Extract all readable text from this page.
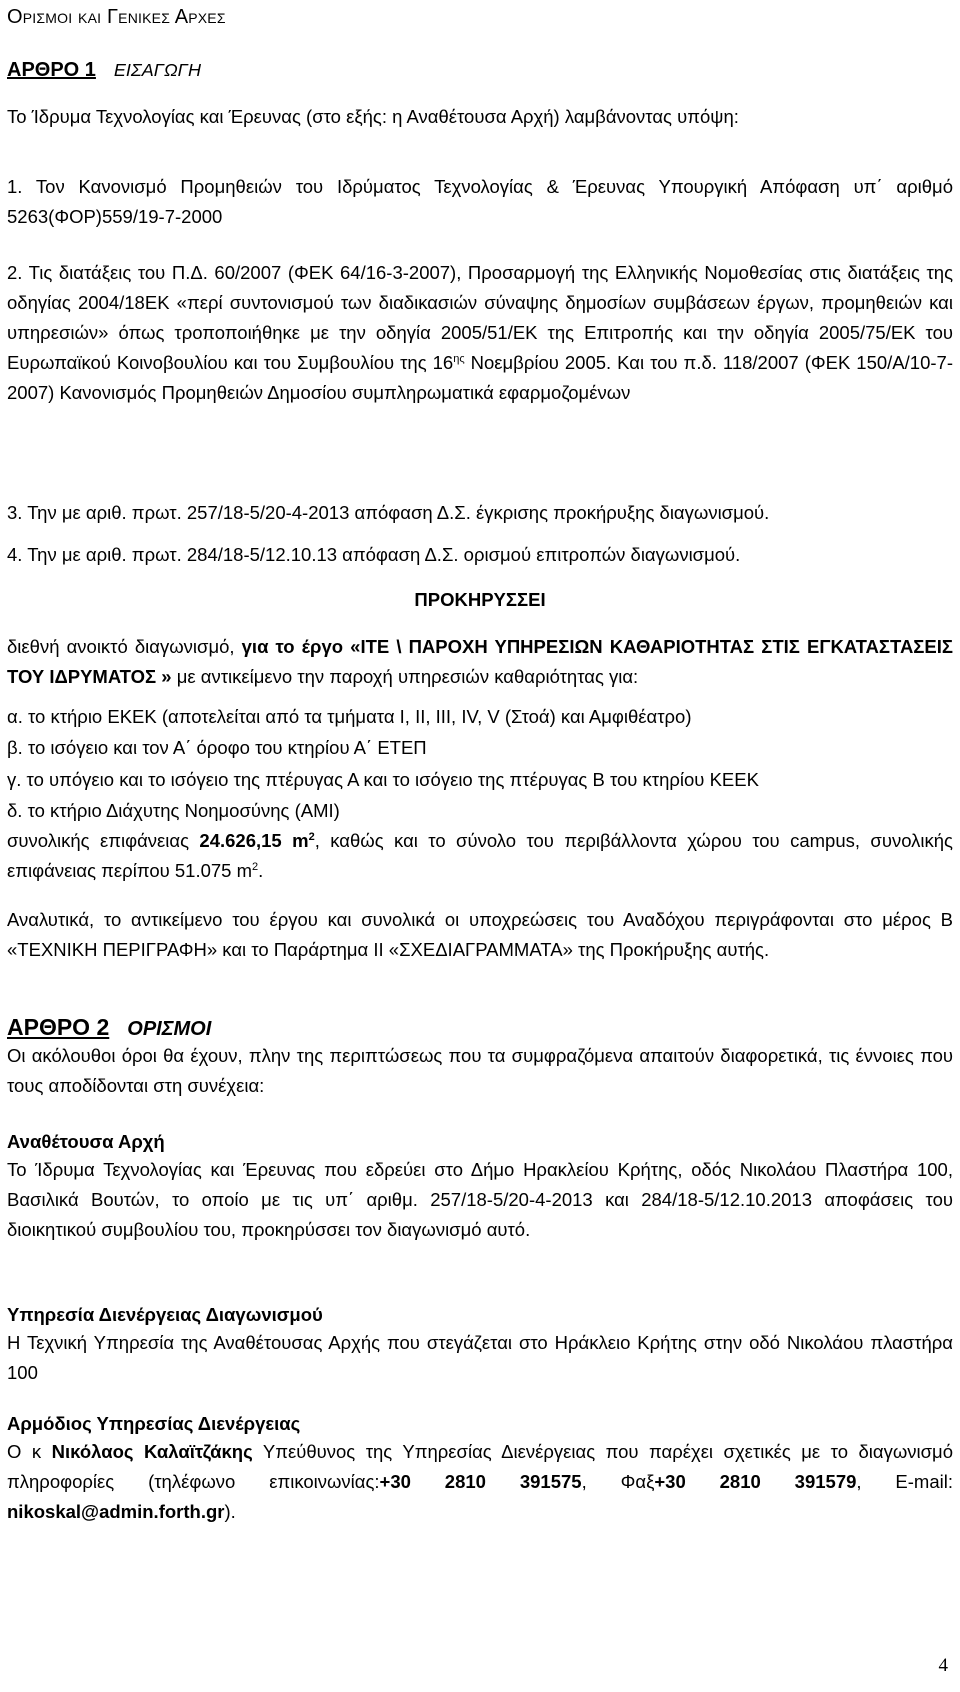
Ορισμοι και Γενικες Αρχες
ΑΡΘΡΟ 1 ΕΙΣΑΓΩΓΗ
Το Ίδρυμα Τεχνολογίας και Έρευνας (στο εξής: η Αναθέτουσα Αρχή) λαμβάνοντας υπόψη:
1. Τον Κανονισμό Προμηθειών του Ιδρύματος Τεχνολογίας & Έρευνας Υπουργική Απόφαση υπ΄ αριθμό 5263(ΦΟΡ)559/19-7-2000
2. Τις διατάξεις του Π.Δ. 60/2007 (ΦΕΚ 64/16-3-2007), Προσαρμογή της Ελληνικής Νομοθεσίας στις διατάξεις της οδηγίας 2004/18ΕΚ «περί συντονισμού των διαδικασιών σύναψης δημοσίων συμβάσεων έργων, προμηθειών και υπηρεσιών» όπως τροποποιήθηκε με την οδηγία 2005/51/ΕΚ της Επιτροπής και την οδηγία 2005/75/ΕΚ του Ευρωπαϊκού Κοινοβουλίου και του Συμβουλίου της $16^{\eta\varsigma}$ Νοεμβρίου 2005. Και του π.δ. 118/2007 (ΦΕΚ 150/Α/10-7-2007) Κανονισμός Προμηθειών Δημοσίου συμπληρωματικά εφαρμοζομένων
3. Την με αριθ. πρωτ. 257/18-5/20-4-2013 απόφαση Δ.Σ. έγκρισης προκήρυξης διαγωνισμού.
4. Την με αριθ. πρωτ. 284/18-5/12.10.13 απόφαση Δ.Σ. ορισμού επιτροπών διαγωνισμού.
ΠΡΟΚΗΡΥΣΣΕΙ
διεθνή ανοικτό διαγωνισμό, για το έργο «ΙΤΕ \ ΠΑΡΟΧΗ ΥΠΗΡΕΣΙΩΝ ΚΑΘΑΡΙΟΤΗΤΑΣ ΣΤΙΣ ΕΓΚΑΤΑΣΤΑΣΕΙΣ ΤΟΥ ΙΔΡΥΜΑΤΟΣ » με αντικείμενο την παροχή υπηρεσιών καθαριότητας για:
α. το κτήριο ΕΚΕΚ (αποτελείται από τα τμήματα Ι, ΙΙ, ΙΙΙ, IV, V (Στοά) και Αμφιθέατρο)
β. το ισόγειο και τον Α΄ όροφο του κτηρίου Α΄ ΕΤΕΠ
γ. το υπόγειο και το ισόγειο της πτέρυγας Α και το ισόγειο της πτέρυγας Β του κτηρίου ΚΕΕΚ
δ. το κτήριο Διάχυτης Νοημοσύνης (ΑΜΙ)
συνολικής επιφάνειας 24.626,15 $m^2$, καθώς και το σύνολο του περιβάλλοντα χώρου του campus, συνολικής επιφάνειας περίπου 51.075 $m^2$.
Αναλυτικά, το αντικείμενο του έργου και συνολικά οι υποχρεώσεις του Αναδόχου περιγράφονται στο μέρος Β «ΤΕΧΝΙΚΗ ΠΕΡΙΓΡΑΦΗ» και το Παράρτημα ΙΙ «ΣΧΕΔΙΑΓΡΑΜΜΑΤΑ» της Προκήρυξης αυτής.
ΑΡΘΡΟ 2 ΟΡΙΣΜΟΙ
Οι ακόλουθοι όροι θα έχουν, πλην της περιπτώσεως που τα συμφραζόμενα απαιτούν διαφορετικά, τις έννοιες που τους αποδίδονται στη συνέχεια:
Αναθέτουσα Αρχή
Το Ίδρυμα Τεχνολογίας και Έρευνας που εδρεύει στο Δήμο Ηρακλείου Κρήτης, οδός Νικολάου Πλαστήρα 100, Βασιλικά Βουτών, το οποίο με τις υπ΄ αριθμ. 257/18-5/20-4-2013 και 284/18-5/12.10.2013 αποφάσεις του διοικητικού συμβουλίου του, προκηρύσσει τον διαγωνισμό αυτό.
Υπηρεσία Διενέργειας Διαγωνισμού
Η Τεχνική Υπηρεσία της Αναθέτουσας Αρχής που στεγάζεται στο Ηράκλειο Κρήτης στην οδό Νικολάου πλαστήρα 100
Αρμόδιος Υπηρεσίας Διενέργειας
Ο κ Νικόλαος Καλαϊτζάκης Υπεύθυνος της Υπηρεσίας Διενέργειας που παρέχει σχετικές με το διαγωνισμό πληροφορίες (τηλέφωνο επικοινωνίας:+30 2810 391575, Φαξ+30 2810 391579, E-mail: nikoskal@admin.forth.gr).
4
